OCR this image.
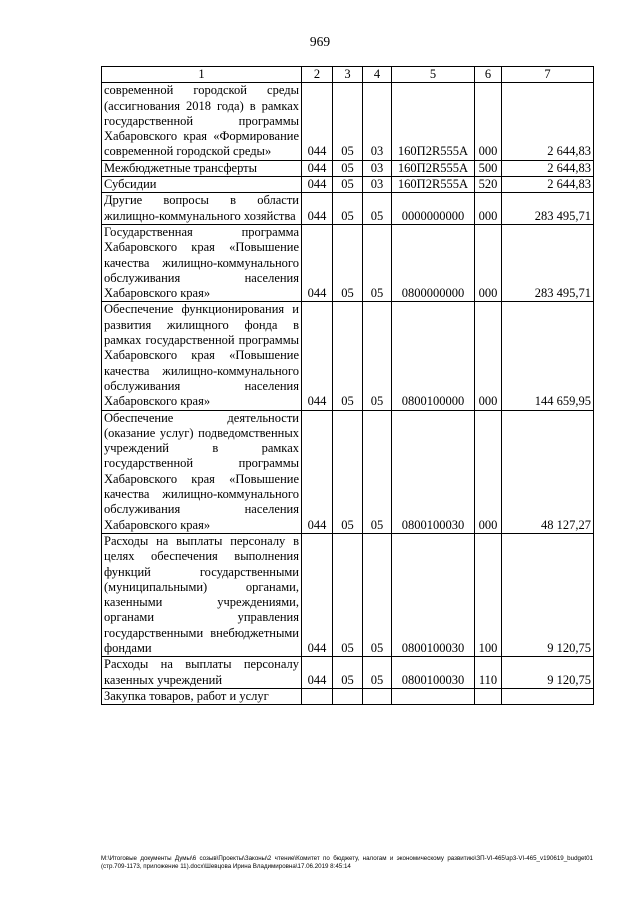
969
1	2	3	4	5	6	7
современной городской среды (ассигнования 2018 года) в рамках государственной программы Хабаровского края «Формирование современной городской среды»	044	05	03	160П2R555А	000	2 644,83
Межбюджетные трансферты	044	05	03	160П2R555А	500	2 644,83
Субсидии	044	05	03	160П2R555А	520	2 644,83
Другие вопросы в области жилищно-коммунального хозяйства	044	05	05	0000000000	000	283 495,71
Государственная программа Хабаровского края «Повышение качества жилищно-коммунального обслуживания населения Хабаровского края»	044	05	05	0800000000	000	283 495,71
Обеспечение функционирования и развития жилищного фонда в рамках государственной программы Хабаровского края «Повышение качества жилищно-коммунального обслуживания населения Хабаровского края»	044	05	05	0800100000	000	144 659,95
Обеспечение деятельности (оказание услуг) подведомственных учреждений в рамках государственной программы Хабаровского края «Повышение качества жилищно-коммунального обслуживания населения Хабаровского края»	044	05	05	0800100030	000	48 127,27
Расходы на выплаты персоналу в целях обеспечения выполнения функций государственными (муниципальными) органами, казенными учреждениями, органами управления государственными внебюджетными фондами	044	05	05	0800100030	100	9 120,75
Расходы на выплаты персоналу казенных учреждений	044	05	05	0800100030	110	9 120,75
Закупка товаров, работ и услуг						
M:\Итоговые документы Думы\6 созыв\Проекты\Законы\2 чтение\Комитет по бюджету, налогам и экономическому развитию\ЗП-VI-465\зр3-VI-465_v190619_budget01 (стр.709-1173, приложение 11).docx\Шевцова Ирина Владимировна\17.06.2019 8:45:14
